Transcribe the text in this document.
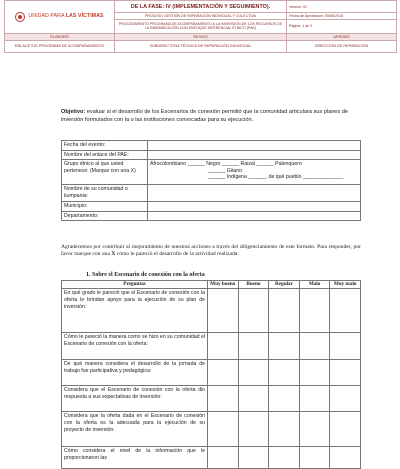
UNIDAD PARA LAS VÍCTIMAS	DE LA FASE: IV (IMPLEMENTACIÓN Y SEGUIMIENTO).	Versión: 01
	PROCESO GESTIÓN DE REPARACIÓN INDIVIDUAL Y COLECTIVA	Fecha de Aprobación: 05/06/2016
	PROCEDIMIENTO PROGRAMA DE ACOMPAÑAMIENTO A LA INVERSIÓN DE LOS RECURSOS DE LA INDEMNIZACIÓN CON ENFOQUE DIFERENCIAL ÉTNICO (PAE)	Página: 1 de 2
ELABORÓ	REVISÓ	APROBÓ
ENLACE SIG PROGRAMA DE ACOMPAÑAMIENTO	SUBDIRECTORA TÉCNICA DE REPARACIÓN INDIVIDUAL	DIRECCIÓN DE REPARACIÓN

Objetivo: evaluar si el desarrollo de los Escenarios de conexión permitió que la comunidad articulara sus planes de inversión formulados con la o las instituciones convocadas para su ejecución.

Fecha del evento:	
Nombre del enlace del PAE:	
Grupo étnico al que usted pertenece: (Marque con una X)	Afrocolombiano ______ Negro ______ Raizal ______ Palenquero
______ Gitano
______ Indígena ______, de qué pueblo ______________

Nombre de su comunidad o kumpania:	
Municipio:	
Departamento:	

Agradecemos por contribuir al mejoramiento de nuestras acciones a través del diligenciamiento de este formato. Para responder, por favor marque con una X cómo le pareció el desarrollo de la actividad realizada:

1. Sobre el Escenario de conexión con la oferta
Preguntas	Muy bueno	Bueno	Regular	Malo	Muy malo
En qué grado le pareció que el Escenario de conexión con la oferta le brindan apoyo para la ejecución de su plan de inversión:					
Cómo le pareció la manera como se hizo en su comunidad el Escenario de conexión con la oferta:					
De qué manera considera el desarrollo de la jornada de trabajo fue participativa y pedagógica:					
Considera que el Escenario de conexión con la oferta dio respuesta a sus expectativas de inversión:					
Considera que la oferta dada en el Escenario de conexión con la oferta es la adecuada para la ejecución de su proyecto de inversión:					
Cómo considera el nivel de la información que le proporcionaron las					
